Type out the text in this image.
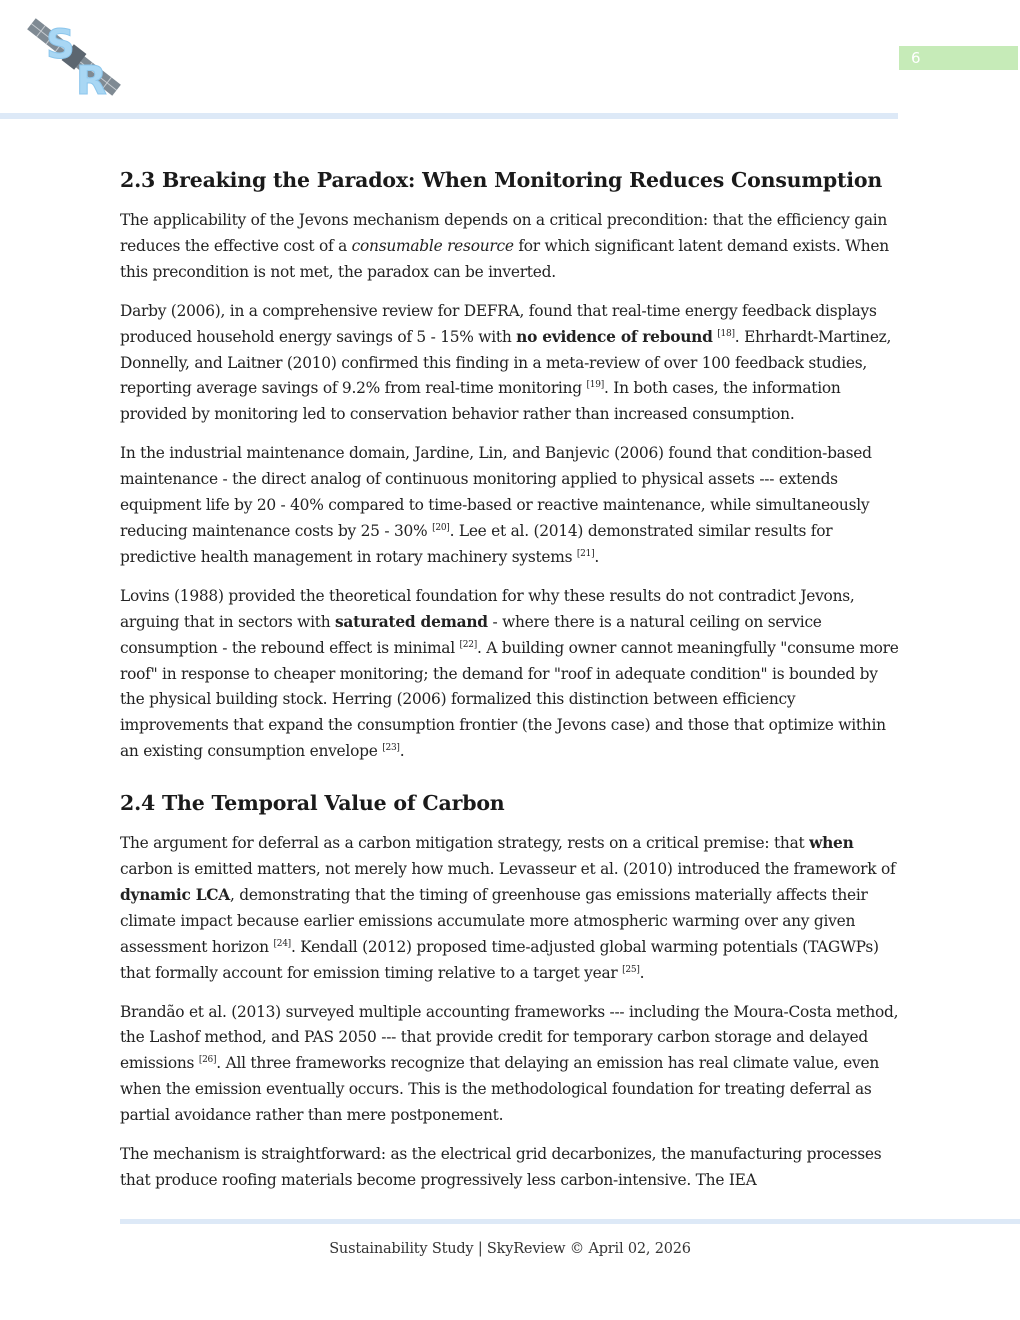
S
R	6
2.3 Breaking the Paradox: When Monitoring Reduces Consumption

The applicability of the Jevons mechanism depends on a critical precondition: that the efficiency gain reduces the effective cost of a consumable resource for which significant latent demand exists. When this precondition is not met, the paradox can be inverted.

Darby (2006), in a comprehensive review for DEFRA, found that real-time energy feedback displays produced household energy savings of 5 - 15% with no evidence of rebound [18]. Ehrhardt-Martinez, Donnelly, and Laitner (2010) confirmed this finding in a meta-review of over 100 feedback studies, reporting average savings of 9.2% from real-time monitoring [19]. In both cases, the information provided by monitoring led to conservation behavior rather than increased consumption.

In the industrial maintenance domain, Jardine, Lin, and Banjevic (2006) found that condition-based maintenance - the direct analog of continuous monitoring applied to physical assets --- extends equipment life by 20 - 40% compared to time-based or reactive maintenance, while simultaneously reducing maintenance costs by 25 - 30% [20]. Lee et al. (2014) demonstrated similar results for predictive health management in rotary machinery systems [21].

Lovins (1988) provided the theoretical foundation for why these results do not contradict Jevons, arguing that in sectors with saturated demand - where there is a natural ceiling on service consumption - the rebound effect is minimal [22]. A building owner cannot meaningfully "consume more roof" in response to cheaper monitoring; the demand for "roof in adequate condition" is bounded by the physical building stock. Herring (2006) formalized this distinction between efficiency improvements that expand the consumption frontier (the Jevons case) and those that optimize within an existing consumption envelope [23].

2.4 The Temporal Value of Carbon

The argument for deferral as a carbon mitigation strategy, rests on a critical premise: that when carbon is emitted matters, not merely how much. Levasseur et al. (2010) introduced the framework of dynamic LCA, demonstrating that the timing of greenhouse gas emissions materially affects their climate impact because earlier emissions accumulate more atmospheric warming over any given assessment horizon [24]. Kendall (2012) proposed time-adjusted global warming potentials (TAGWPs) that formally account for emission timing relative to a target year [25].

Brandão et al. (2013) surveyed multiple accounting frameworks --- including the Moura-Costa method, the Lashof method, and PAS 2050 --- that provide credit for temporary carbon storage and delayed emissions [26]. All three frameworks recognize that delaying an emission has real climate value, even when the emission eventually occurs. This is the methodological foundation for treating deferral as partial avoidance rather than mere postponement.

The mechanism is straightforward: as the electrical grid decarbonizes, the manufacturing processes that produce roofing materials become progressively less carbon-intensive. The IEA

Sustainability Study | SkyReview © April 02, 2026
